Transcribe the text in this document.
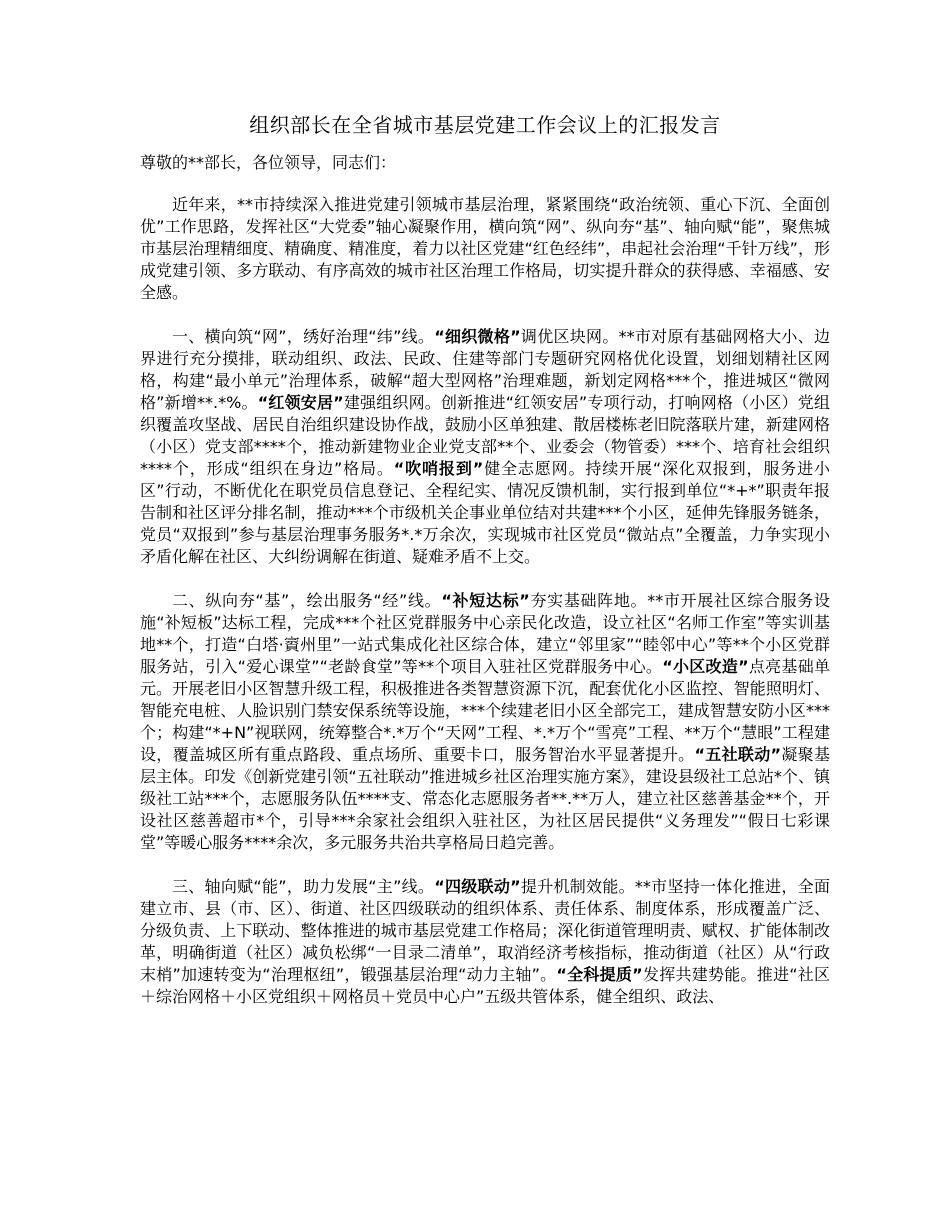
组织部长在全省城市基层党建工作会议上的汇报发言

尊敬的**部长，各位领导，同志们：

近年来，**市持续深入推进党建引领城市基层治理，紧紧围绕“政治统领、重心下沉、全面创优”工作思路，发挥社区“大党委”轴心凝聚作用，横向筑“网”、纵向夯“基”、轴向赋“能”，聚焦城市基层治理精细度、精确度、精准度，着力以社区党建“红色经纬”，串起社会治理“千针万线”，形成党建引领、多方联动、有序高效的城市社区治理工作格局，切实提升群众的获得感、幸福感、安全感。

一、横向筑“网”，绣好治理“纬”线。“细织微格”调优区块网。**市对原有基础网格大小、边界进行充分摸排，联动组织、政法、民政、住建等部门专题研究网格优化设置，划细划精社区网格，构建“最小单元”治理体系，破解“超大型网格”治理难题，新划定网格***个，推进城区“微网格”新增**.*%。“红领安居”建强组织网。创新推进“红领安居”专项行动，打响网格（小区）党组织覆盖攻坚战、居民自治组织建设协作战，鼓励小区单独建、散居楼栋老旧院落联片建，新建网格（小区）党支部****个，推动新建物业企业党支部**个、业委会（物管委）***个、培育社会组织****个，形成“组织在身边”格局。“吹哨报到”健全志愿网。持续开展“深化双报到，服务进小区”行动，不断优化在职党员信息登记、全程纪实、情况反馈机制，实行报到单位“*+*”职责年报告制和社区评分排名制，推动***个市级机关企事业单位结对共建***个小区，延伸先锋服务链条，党员“双报到”参与基层治理事务服务*.*万余次，实现城市社区党员“微站点”全覆盖，力争实现小矛盾化解在社区、大纠纷调解在街道、疑难矛盾不上交。

二、纵向夯“基”，绘出服务“经”线。“补短达标”夯实基础阵地。**市开展社区综合服务设施“补短板”达标工程，完成***个社区党群服务中心亲民化改造，设立社区“名师工作室”等实训基地**个，打造“白塔·賨州里”一站式集成化社区综合体，建立“邻里家”“睦邻中心”等**个小区党群服务站，引入“爱心课堂”“老龄食堂”等**个项目入驻社区党群服务中心。“小区改造”点亮基础单元。开展老旧小区智慧升级工程，积极推进各类智慧资源下沉，配套优化小区监控、智能照明灯、智能充电桩、人脸识别门禁安保系统等设施，***个续建老旧小区全部完工，建成智慧安防小区***个；构建“*+N”视联网，统筹整合*.*万个“天网”工程、*.*万个“雪亮”工程、**万个“慧眼”工程建设，覆盖城区所有重点路段、重点场所、重要卡口，服务智治水平显著提升。“五社联动”凝聚基层主体。印发《创新党建引领“五社联动”推进城乡社区治理实施方案》，建设县级社工总站*个、镇级社工站***个，志愿服务队伍****支、常态化志愿服务者**.**万人，建立社区慈善基金**个，开设社区慈善超市*个，引导***余家社会组织入驻社区，为社区居民提供“义务理发”“假日七彩课堂”等暖心服务****余次，多元服务共治共享格局日趋完善。

三、轴向赋“能”，助力发展“主”线。“四级联动”提升机制效能。**市坚持一体化推进，全面建立市、县（市、区）、街道、社区四级联动的组织体系、责任体系、制度体系，形成覆盖广泛、分级负责、上下联动、整体推进的城市基层党建工作格局；深化街道管理明责、赋权、扩能体制改革，明确街道（社区）减负松绑“一目录二清单”，取消经济考核指标，推动街道（社区）从“行政末梢”加速转变为“治理枢纽”，锻强基层治理“动力主轴”。“全科提质”发挥共建势能。推进“社区＋综治网格＋小区党组织＋网格员＋党员中心户”五级共管体系，健全组织、政法、
